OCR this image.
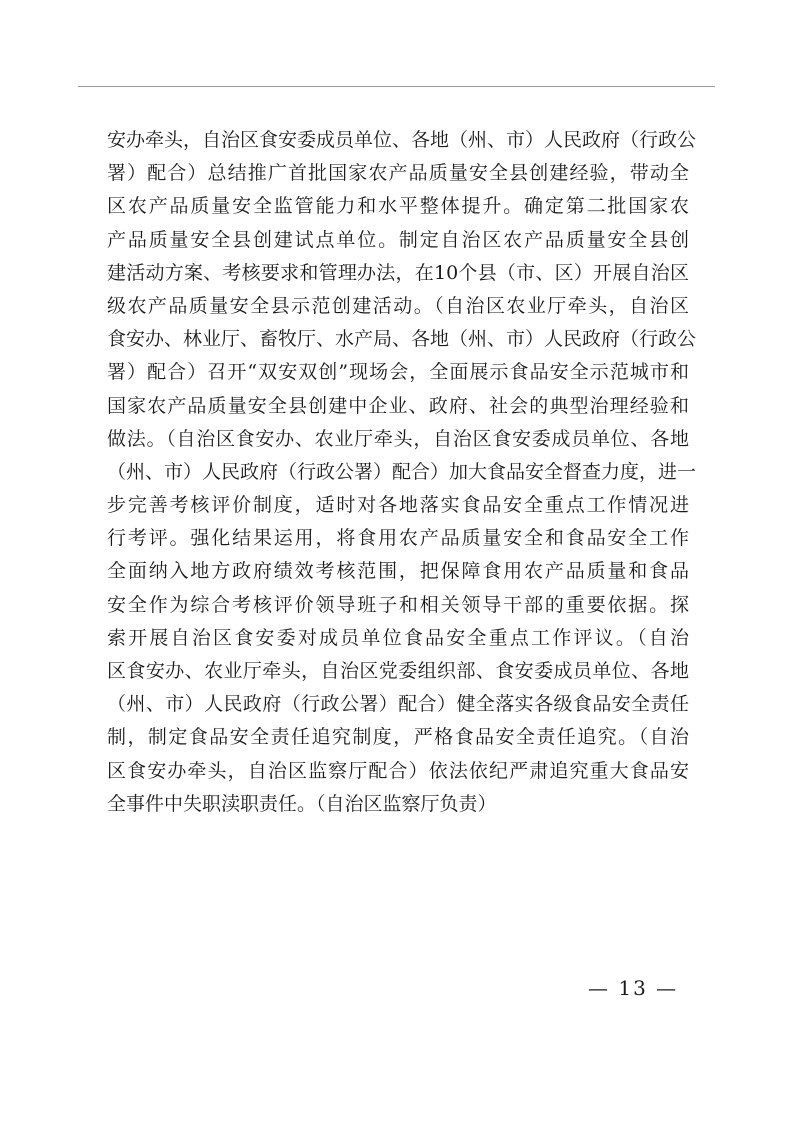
安办牵头，自治区食安委成员单位、各地（州、市）人民政府（行政公
署）配合）总结推广首批国家农产品质量安全县创建经验，带动全
区农产品质量安全监管能力和水平整体提升。确定第二批国家农
产品质量安全县创建试点单位。制定自治区农产品质量安全县创
建活动方案、考核要求和管理办法，在10个县（市、区）开展自治区
级农产品质量安全县示范创建活动。（自治区农业厅牵头，自治区
食安办、林业厅、畜牧厅、水产局、各地（州、市）人民政府（行政公
署）配合）召开“双安双创”现场会，全面展示食品安全示范城市和
国家农产品质量安全县创建中企业、政府、社会的典型治理经验和
做法。（自治区食安办、农业厅牵头，自治区食安委成员单位、各地
（州、市）人民政府（行政公署）配合）加大食品安全督查力度，进一
步完善考核评价制度，适时对各地落实食品安全重点工作情况进
行考评。强化结果运用，将食用农产品质量安全和食品安全工作
全面纳入地方政府绩效考核范围，把保障食用农产品质量和食品
安全作为综合考核评价领导班子和相关领导干部的重要依据。探
索开展自治区食安委对成员单位食品安全重点工作评议。（自治
区食安办、农业厅牵头，自治区党委组织部、食安委成员单位、各地
（州、市）人民政府（行政公署）配合）健全落实各级食品安全责任
制，制定食品安全责任追究制度，严格食品安全责任追究。（自治
区食安办牵头，自治区监察厅配合）依法依纪严肃追究重大食品安
全事件中失职渎职责任。（自治区监察厅负责）
— 13 —
